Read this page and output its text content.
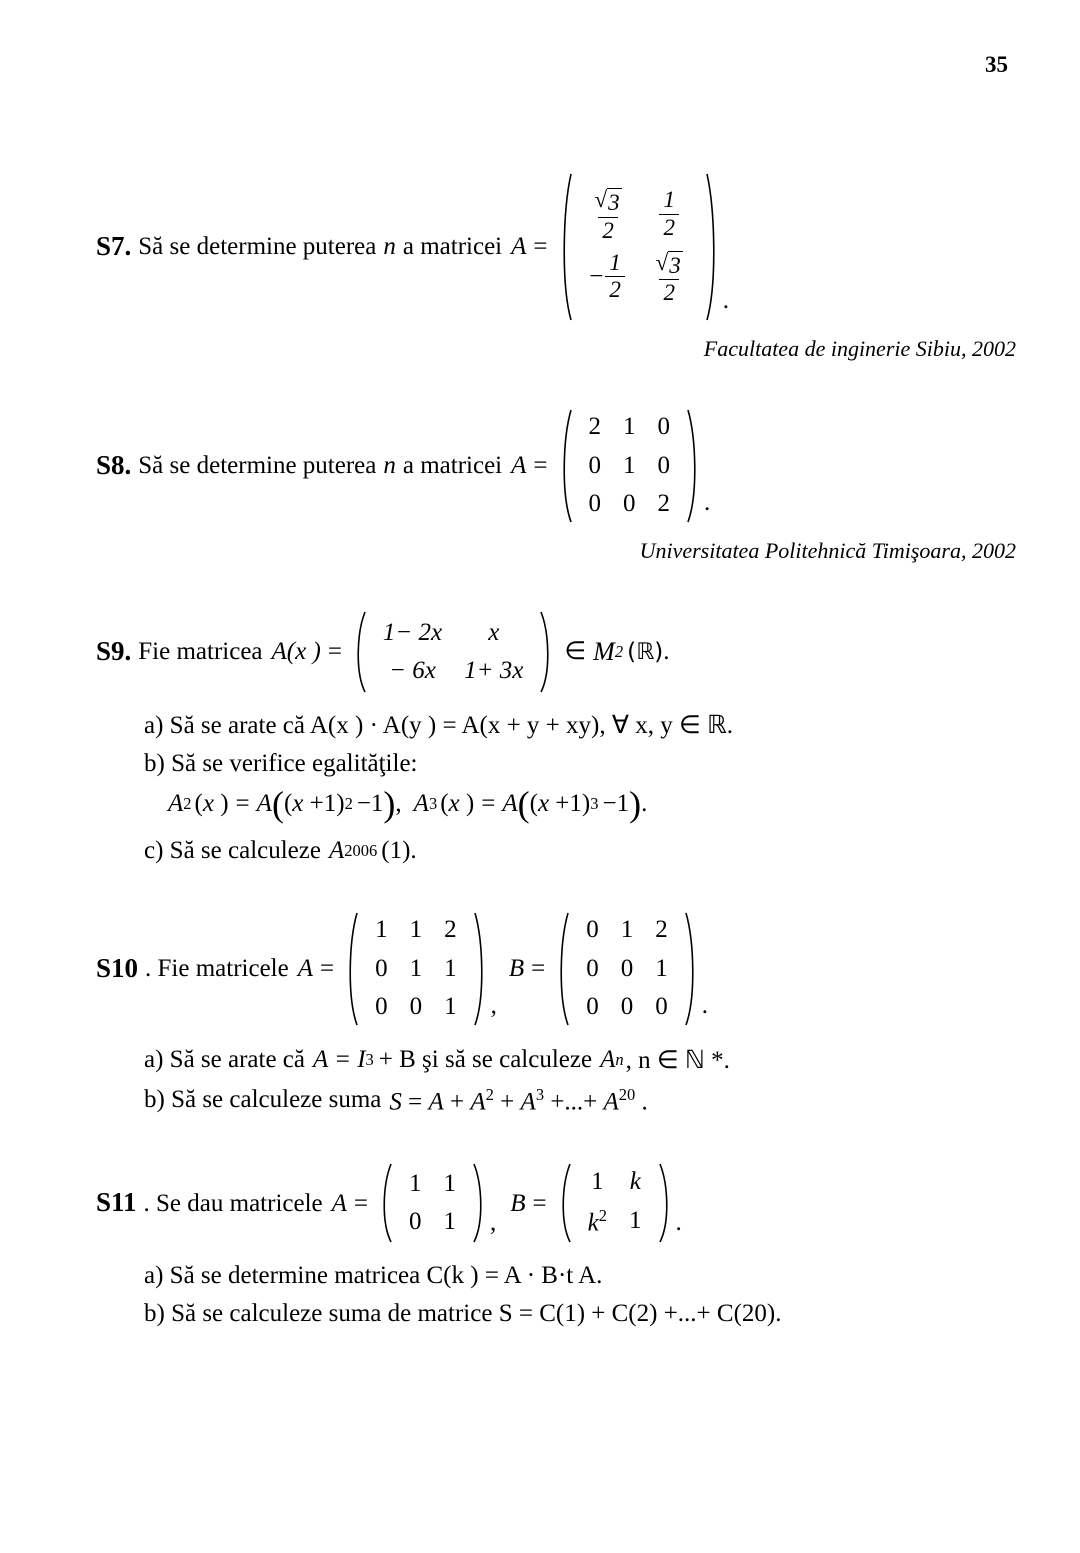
35
S7. Să se determine puterea n a matricei A =
$\frac{√ 3}{2} \frac{1}{2}$
− $\frac{1}{2} \frac{√ 3}{2}$ .
Facultatea de inginerie Sibiu, 2002
S8. Să se determine puterea n a matricei A =
2 1 0
0 1 0
0 0 2	.
Universitatea Politehnică Timişoara, 2002
S9. Fie matricea A(x ) =
1− 2x	x
− 6x	1+ 3x
∈ M 2 (ℝ) .
a) Să se arate că A(x ) · A(y ) = A(x + y + xy), ∀ x, y ∈ ℝ.
b) Să se verifice egalităţile:
A 2 (x ) = A ( (x +1) 2 −1 ) , A 3 (x ) = A ( (x +1) 3 −1 ) .
c) Să se calculeze A 2006 (1).
S10 . Fie matricele A =
1 1 2
0 1 1
0 0 1	,
B =
0 1 2
0 0 1
0 0 0	.
a) Să se arate că A = I 3 + B şi să se calculeze A n , n ∈ ℕ *.
b) Să se calculeze suma $S = A + A^2 + A^3$ +...+ $A^{20}$ .
S11 . Se dau matricele A =
1 1
0 1	,
B =
1	k
$k^2$ 1	.
a) Să se determine matricea C(k ) = A · B·t A.
b) Să se calculeze suma de matrice S = C(1) + C(2) +...+ C(20).
